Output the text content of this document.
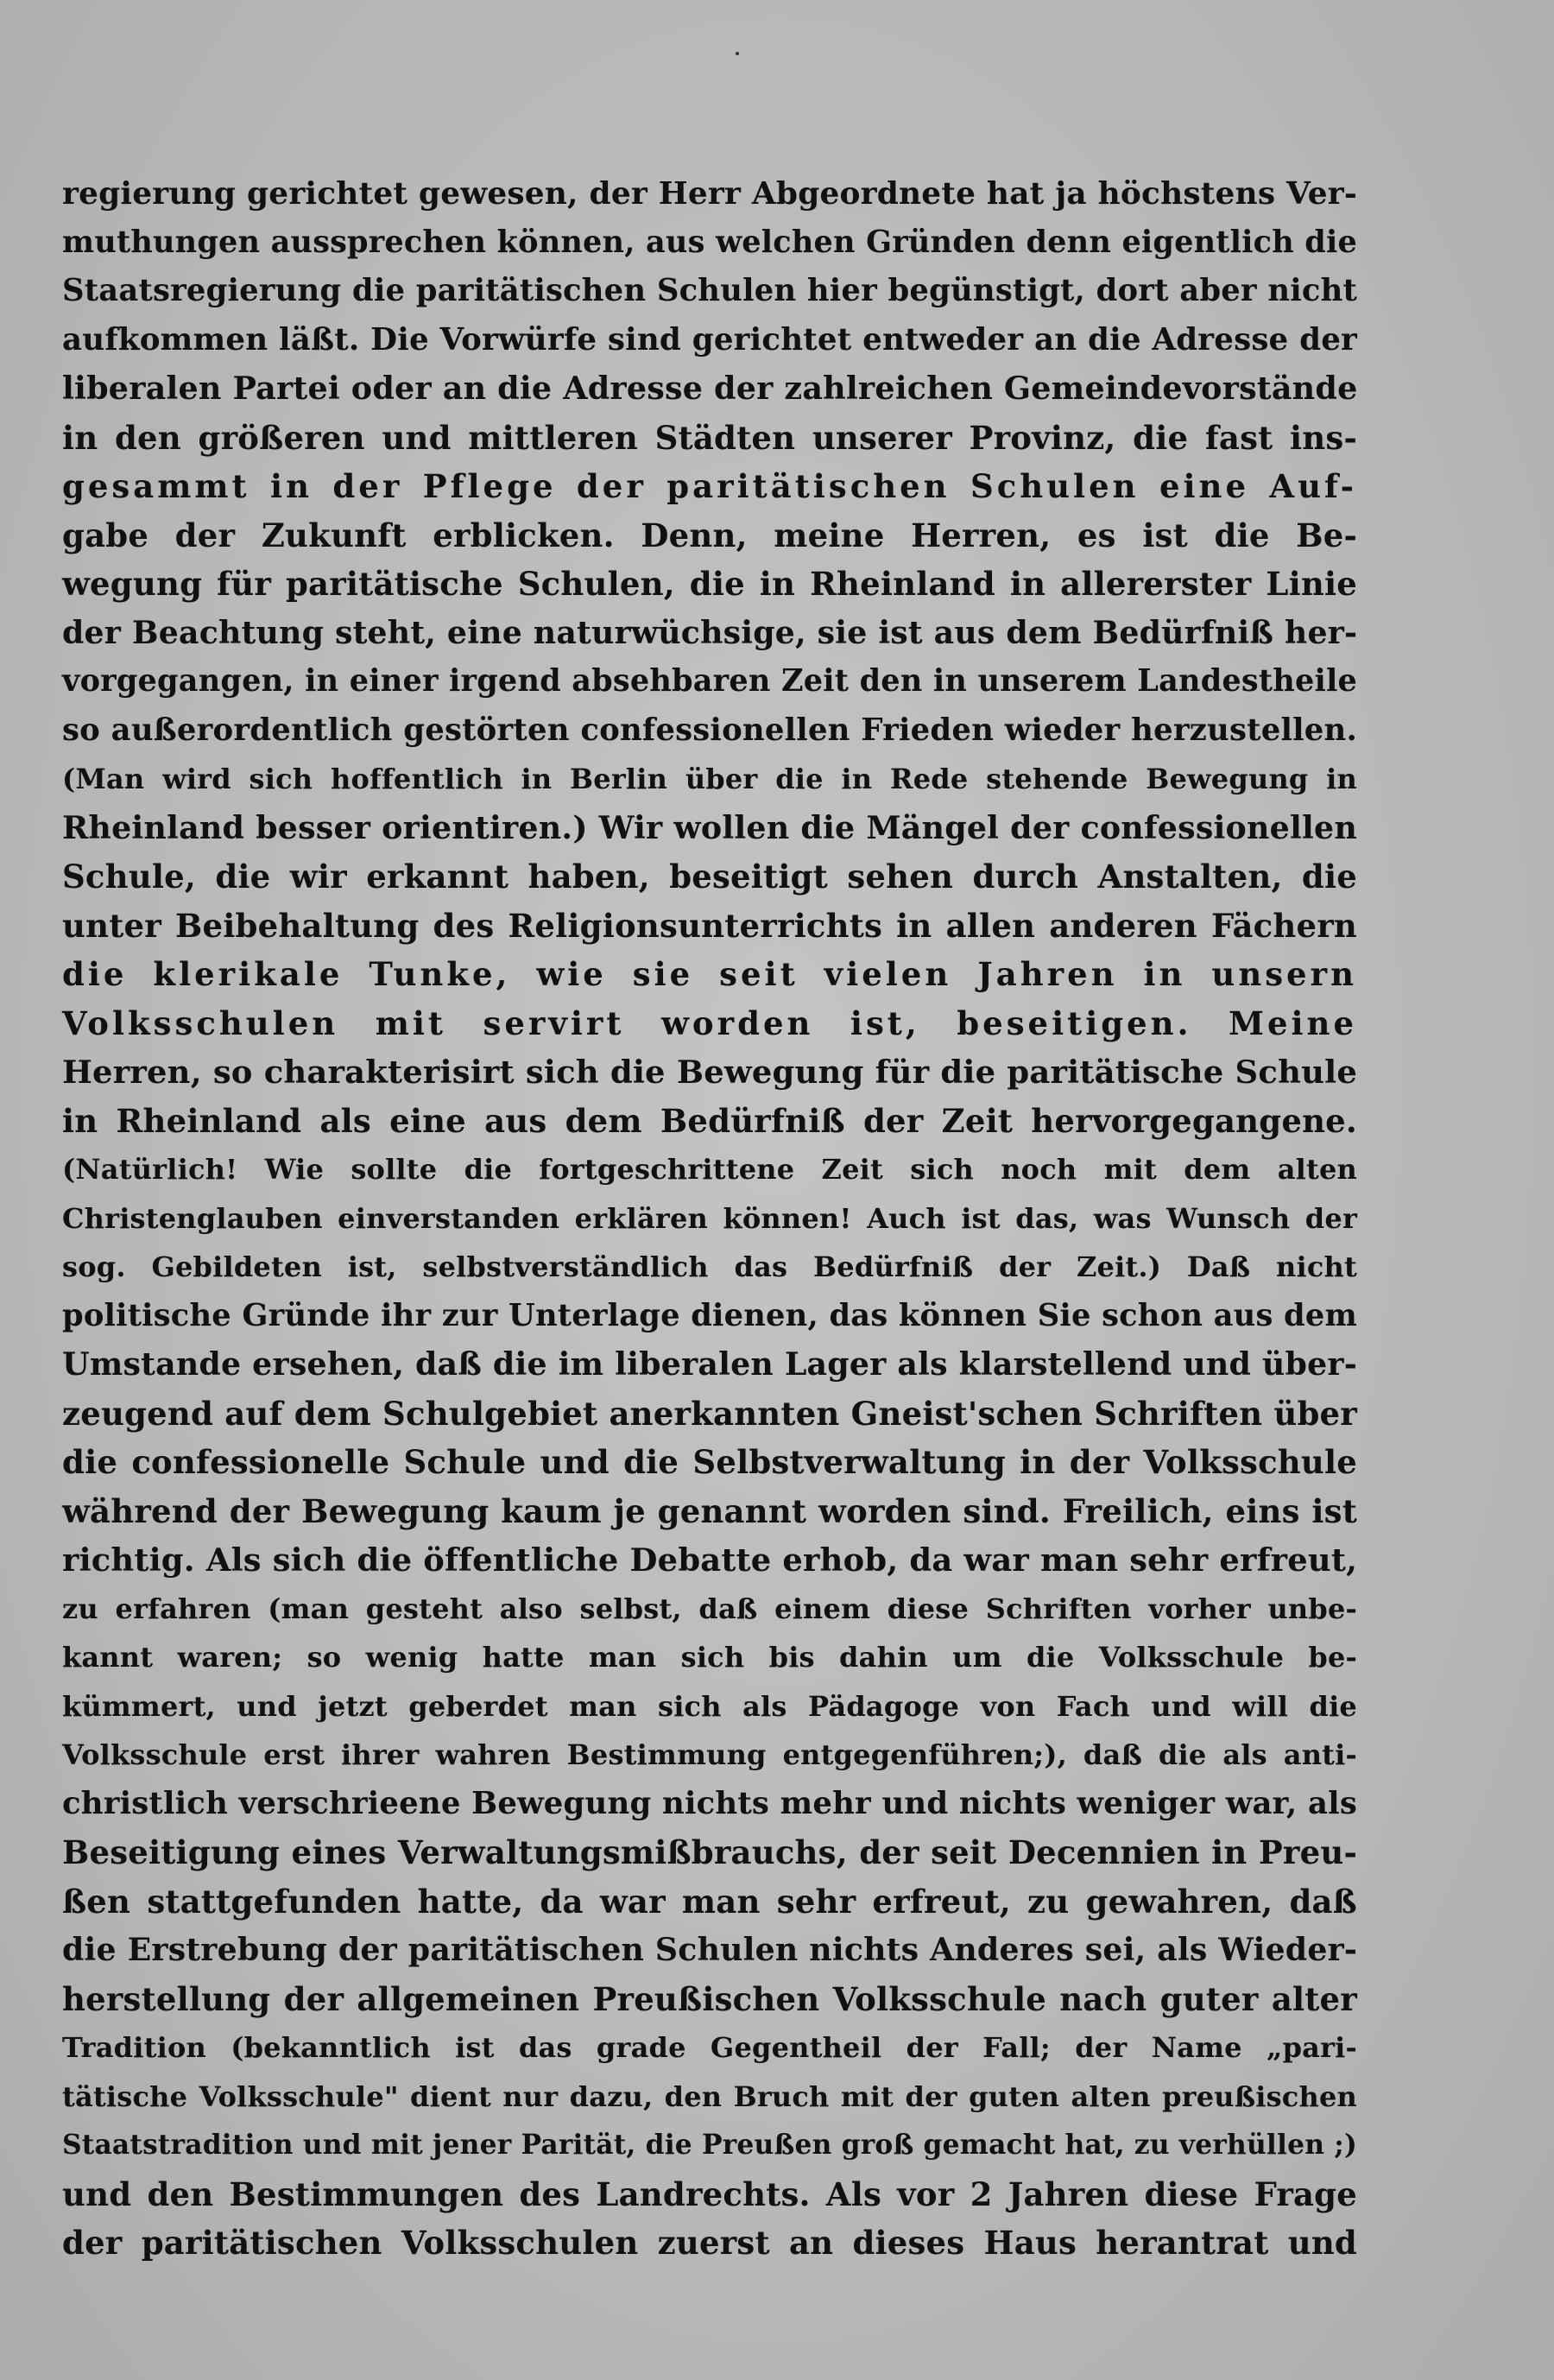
regierung gerichtet gewesen, der Herr Abgeordnete hat ja höchstens Ver-
muthungen aussprechen können, aus welchen Gründen denn eigentlich die
Staatsregierung die paritätischen Schulen hier begünstigt, dort aber nicht
aufkommen läßt. Die Vorwürfe sind gerichtet entweder an die Adresse der
liberalen Partei oder an die Adresse der zahlreichen Gemeindevorstände
in den größeren und mittleren Städten unserer Provinz, die fast ins-
gesammt in der Pflege der paritätischen Schulen eine Auf-
gabe der Zukunft erblicken. Denn, meine Herren, es ist die Be-
wegung für paritätische Schulen, die in Rheinland in allererster Linie
der Beachtung steht, eine naturwüchsige, sie ist aus dem Bedürfniß her-
vorgegangen, in einer irgend absehbaren Zeit den in unserem Landestheile
so außerordentlich gestörten confessionellen Frieden wieder herzustellen.
(Man wird sich hoffentlich in Berlin über die in Rede stehende Bewegung in
Rheinland besser orientiren.) Wir wollen die Mängel der confessionellen
Schule, die wir erkannt haben, beseitigt sehen durch Anstalten, die
unter Beibehaltung des Religionsunterrichts in allen anderen Fächern
die klerikale Tunke, wie sie seit vielen Jahren in unsern
Volksschulen mit servirt worden ist, beseitigen. Meine
Herren, so charakterisirt sich die Bewegung für die paritätische Schule
in Rheinland als eine aus dem Bedürfniß der Zeit hervorgegangene.
(Natürlich! Wie sollte die fortgeschrittene Zeit sich noch mit dem alten
Christenglauben einverstanden erklären können! Auch ist das, was Wunsch der
sog. Gebildeten ist, selbstverständlich das Bedürfniß der Zeit.) Daß nicht
politische Gründe ihr zur Unterlage dienen, das können Sie schon aus dem
Umstande ersehen, daß die im liberalen Lager als klarstellend und über-
zeugend auf dem Schulgebiet anerkannten Gneist'schen Schriften über
die confessionelle Schule und die Selbstverwaltung in der Volksschule
während der Bewegung kaum je genannt worden sind. Freilich, eins ist
richtig. Als sich die öffentliche Debatte erhob, da war man sehr erfreut,
zu erfahren (man gesteht also selbst, daß einem diese Schriften vorher unbe-
kannt waren; so wenig hatte man sich bis dahin um die Volksschule be-
kümmert, und jetzt geberdet man sich als Pädagoge von Fach und will die
Volksschule erst ihrer wahren Bestimmung entgegenführen;), daß die als anti-
christlich verschrieene Bewegung nichts mehr und nichts weniger war, als
Beseitigung eines Verwaltungsmißbrauchs, der seit Decennien in Preu-
ßen stattgefunden hatte, da war man sehr erfreut, zu gewahren, daß
die Erstrebung der paritätischen Schulen nichts Anderes sei, als Wieder-
herstellung der allgemeinen Preußischen Volksschule nach guter alter
Tradition (bekanntlich ist das grade Gegentheil der Fall; der Name „pari-
tätische Volksschule" dient nur dazu, den Bruch mit der guten alten preußischen
Staatstradition und mit jener Parität, die Preußen groß gemacht hat, zu verhüllen ;)
und den Bestimmungen des Landrechts. Als vor 2 Jahren diese Frage
der paritätischen Volksschulen zuerst an dieses Haus herantrat und
